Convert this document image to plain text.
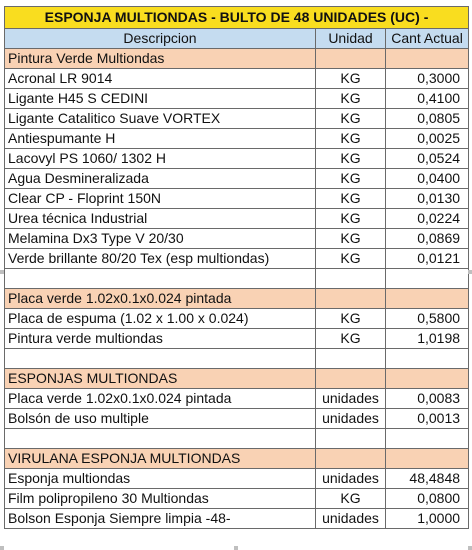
ESPONJA MULTIONDAS - BULTO DE 48 UNIDADES (UC) -		
Descripcion	Unidad	Cant Actual
Pintura Verde Multiondas		
Acronal LR 9014	KG	0,3000
Ligante H45 S CEDINI	KG	0,4100
Ligante Catalitico Suave VORTEX	KG	0,0805
Antiespumante H	KG	0,0025
Lacovyl PS 1060/ 1302 H	KG	0,0524
Agua Desmineralizada	KG	0,0400
Clear CP - Floprint 150N	KG	0,0130
Urea técnica Industrial	KG	0,0224
Melamina Dx3 Type V 20/30	KG	0,0869
Verde brillante 80/20 Tex (esp multiondas)	KG	0,0121

Placa verde 1.02x0.1x0.024 pintada		
Placa de espuma (1.02 x 1.00 x 0.024)	KG	0,5800
Pintura verde multiondas	KG	1,0198

ESPONJAS MULTIONDAS		
Placa verde 1.02x0.1x0.024 pintada	unidades	0,0083
Bolsón de uso multiple	unidades	0,0013

VIRULANA ESPONJA MULTIONDAS		
Esponja multiondas	unidades	48,4848
Film polipropileno 30 Multiondas	KG	0,0800
Bolson Esponja Siempre limpia -48-	unidades	1,0000
